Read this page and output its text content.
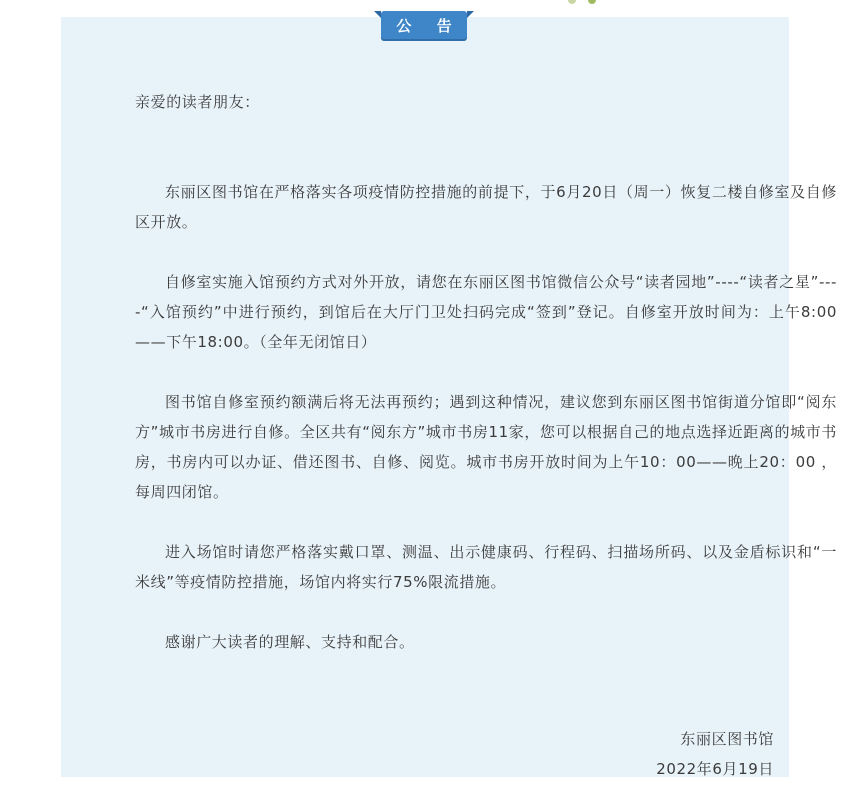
公 告

亲爱的读者朋友：

东丽区图书馆在严格落实各项疫情防控措施的前提下，于6月20日（周一）恢复二楼自修室及自修区开放。

自修室实施入馆预约方式对外开放，请您在东丽区图书馆微信公众号“读者园地”----“读者之星”----“入馆预约”中进行预约，到馆后在大厅门卫处扫码完成“签到”登记。自修室开放时间为：上午8:00——下午18:00。（全年无闭馆日）

图书馆自修室预约额满后将无法再预约；遇到这种情况，建议您到东丽区图书馆街道分馆即“阅东方”城市书房进行自修。全区共有“阅东方”城市书房11家，您可以根据自己的地点选择近距离的城市书房，书房内可以办证、借还图书、自修、阅览。城市书房开放时间为上午10：00——晚上20：00 ，每周四闭馆。

进入场馆时请您严格落实戴口罩、测温、出示健康码、行程码、扫描场所码、以及金盾标识和“一米线”等疫情防控措施，场馆内将实行75%限流措施。

感谢广大读者的理解、支持和配合。

东丽区图书馆
2022年6月19日
